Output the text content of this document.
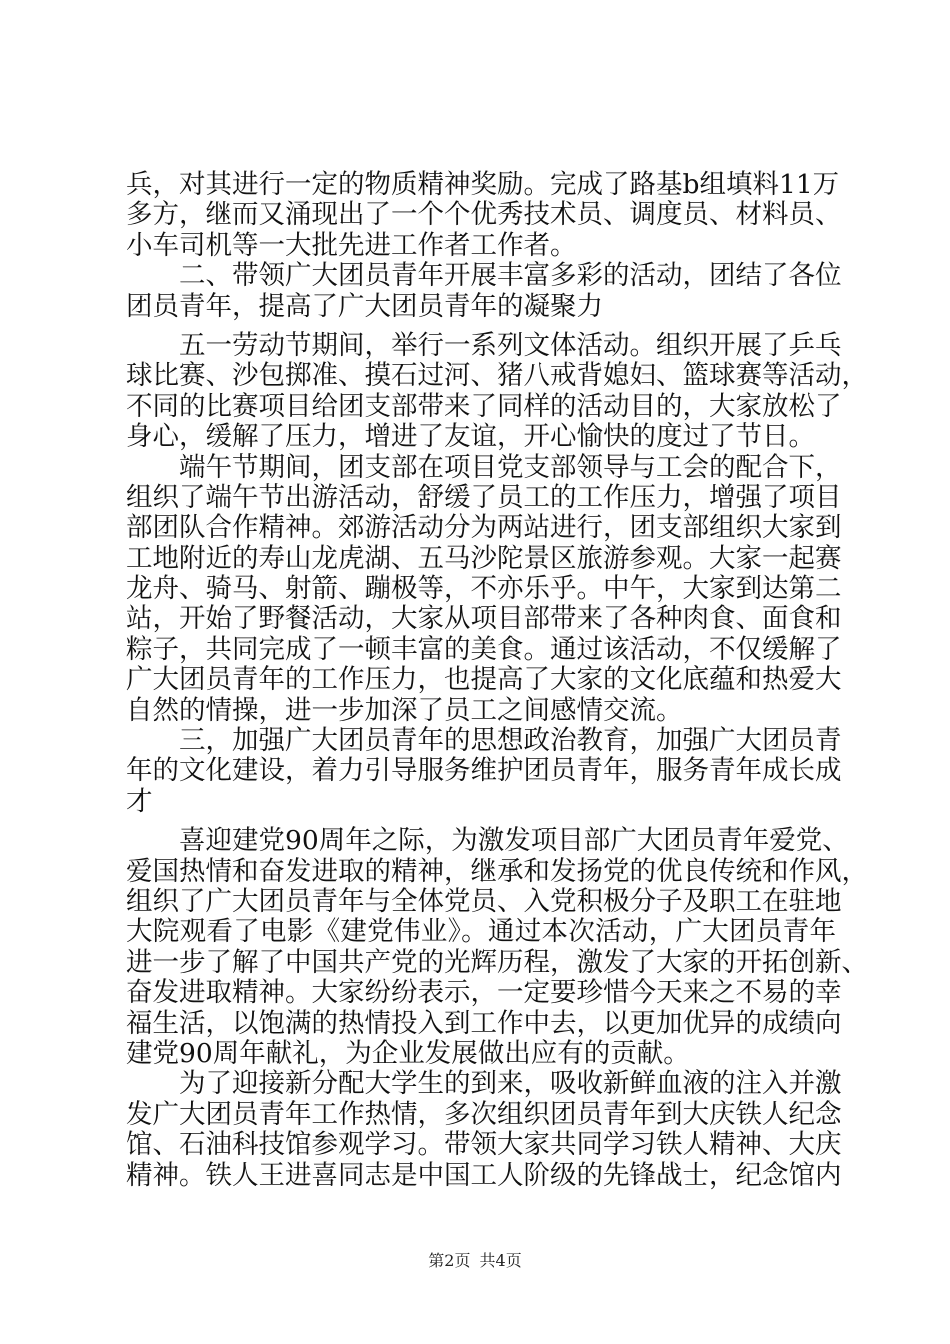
兵，对其进行一定的物质精神奖励。完成了路基b组填料11万
多方，继而又涌现出了一个个优秀技术员、调度员、材料员、
小车司机等一大批先进工作者工作者。
　　二、带领广大团员青年开展丰富多彩的活动，团结了各位
团员青年，提高了广大团员青年的凝聚力
　　五一劳动节期间，举行一系列文体活动。组织开展了乒乓
球比赛、沙包掷准、摸石过河、猪八戒背媳妇、篮球赛等活动，
不同的比赛项目给团支部带来了同样的活动目的，大家放松了
身心，缓解了压力，增进了友谊，开心愉快的度过了节日。
　　端午节期间，团支部在项目党支部领导与工会的配合下，
组织了端午节出游活动，舒缓了员工的工作压力，增强了项目
部团队合作精神。郊游活动分为两站进行，团支部组织大家到
工地附近的寿山龙虎湖、五马沙陀景区旅游参观。大家一起赛
龙舟、骑马、射箭、蹦极等，不亦乐乎。中午，大家到达第二
站，开始了野餐活动，大家从项目部带来了各种肉食、面食和
粽子，共同完成了一顿丰富的美食。通过该活动，不仅缓解了
广大团员青年的工作压力，也提高了大家的文化底蕴和热爱大
自然的情操，进一步加深了员工之间感情交流。
　　三，加强广大团员青年的思想政治教育，加强广大团员青
年的文化建设，着力引导服务维护团员青年，服务青年成长成
才
　　喜迎建党90周年之际，为激发项目部广大团员青年爱党、
爱国热情和奋发进取的精神，继承和发扬党的优良传统和作风，
组织了广大团员青年与全体党员、入党积极分子及职工在驻地
大院观看了电影《建党伟业》。通过本次活动，广大团员青年
进一步了解了中国共产党的光辉历程，激发了大家的开拓创新、
奋发进取精神。大家纷纷表示，一定要珍惜今天来之不易的幸
福生活，以饱满的热情投入到工作中去，以更加优异的成绩向
建党90周年献礼，为企业发展做出应有的贡献。
　　为了迎接新分配大学生的到来，吸收新鲜血液的注入并激
发广大团员青年工作热情，多次组织团员青年到大庆铁人纪念
馆、石油科技馆参观学习。带领大家共同学习铁人精神、大庆
精神。铁人王进喜同志是中国工人阶级的先锋战士，纪念馆内
第2页 共4页
